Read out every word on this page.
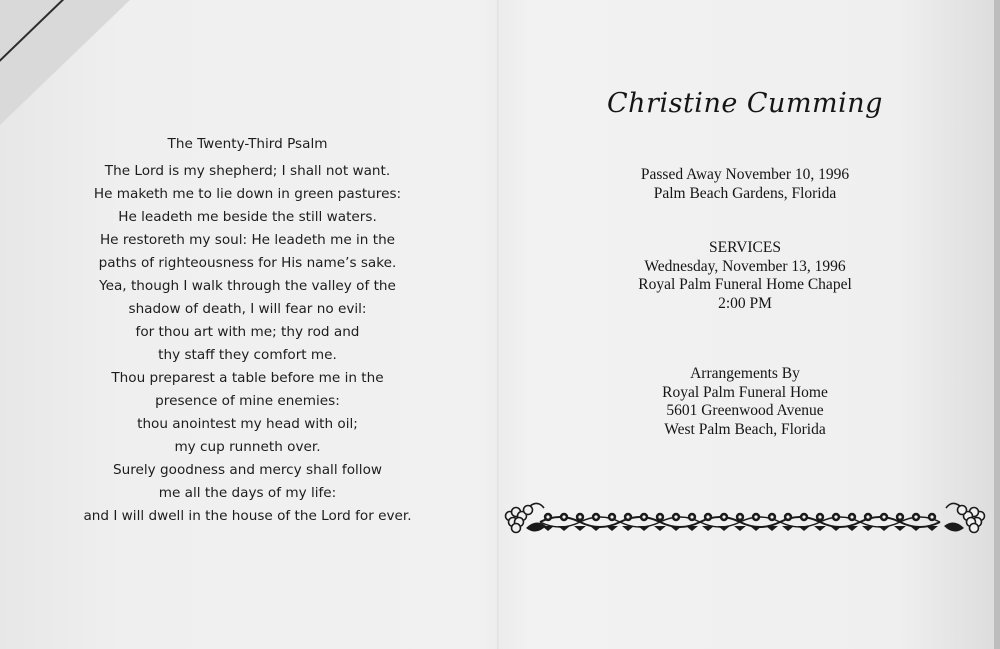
The Twenty-Third Psalm
The Lord is my shepherd; I shall not want.
He maketh me to lie down in green pastures:
He leadeth me beside the still waters.
He restoreth my soul: He leadeth me in the
paths of righteousness for His name’s sake.
Yea, though I walk through the valley of the
shadow of death, I will fear no evil:
for thou art with me; thy rod and
thy staff they comfort me.
Thou preparest a table before me in the
presence of mine enemies:
thou anointest my head with oil;
my cup runneth over.
Surely goodness and mercy shall follow
me all the days of my life:
and I will dwell in the house of the Lord for ever.
Christine Cumming
Passed Away November 10, 1996
Palm Beach Gardens, Florida
SERVICES
Wednesday, November 13, 1996
Royal Palm Funeral Home Chapel
2:00 PM
Arrangements By
Royal Palm Funeral Home
5601 Greenwood Avenue
West Palm Beach, Florida
